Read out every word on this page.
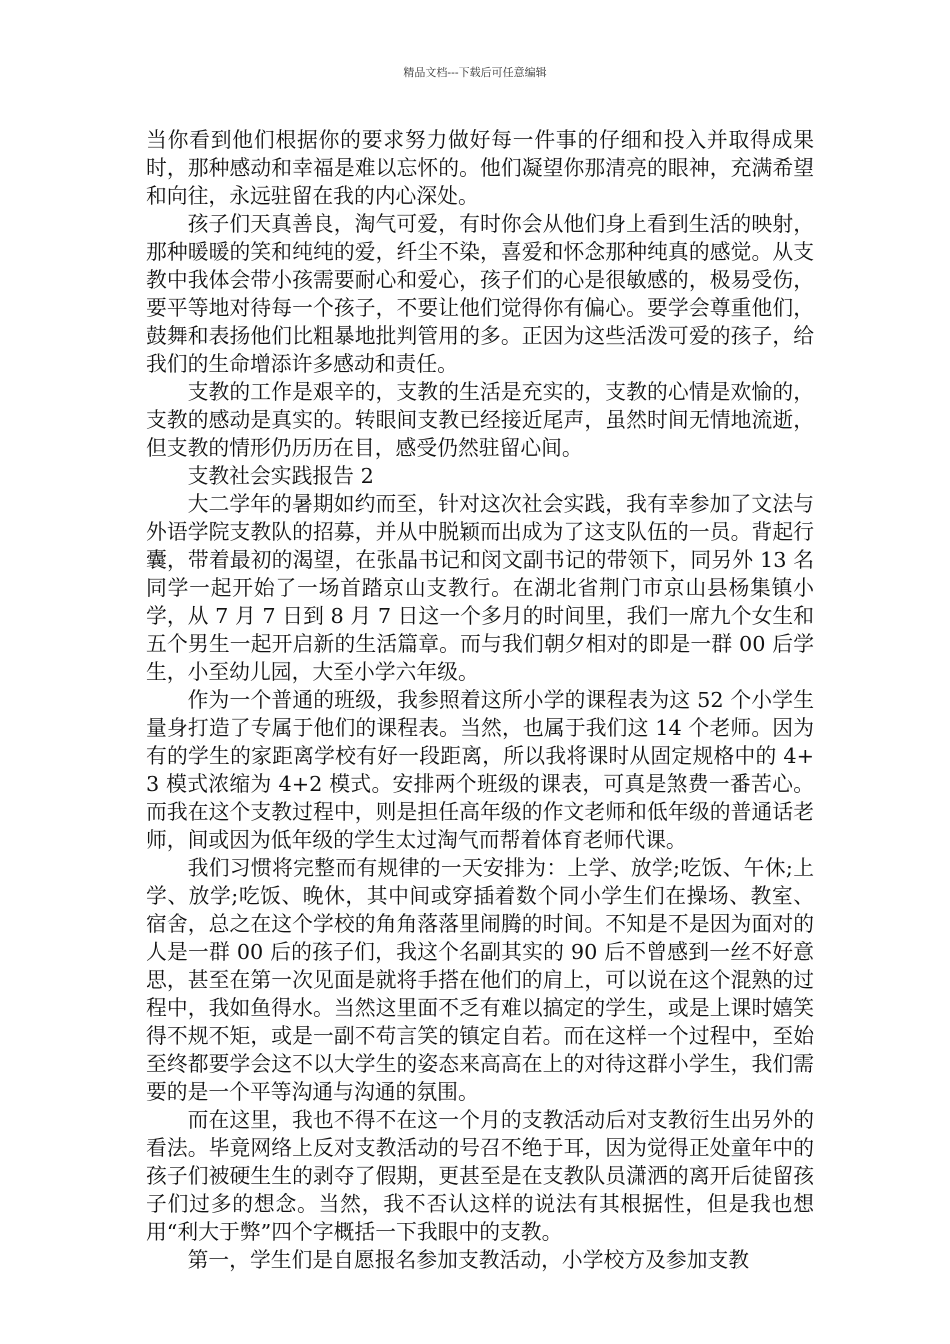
精品文档---下载后可任意编辑

当你看到他们根据你的要求努力做好每一件事的仔细和投入并取得成果时，那种感动和幸福是难以忘怀的。他们凝望你那清亮的眼神，充满希望和向往，永远驻留在我的内心深处。

孩子们天真善良，淘气可爱，有时你会从他们身上看到生活的映射，那种暖暖的笑和纯纯的爱，纤尘不染，喜爱和怀念那种纯真的感觉。从支教中我体会带小孩需要耐心和爱心，孩子们的心是很敏感的，极易受伤，要平等地对待每一个孩子，不要让他们觉得你有偏心。要学会尊重他们，鼓舞和表扬他们比粗暴地批判管用的多。正因为这些活泼可爱的孩子，给我们的生命增添许多感动和责任。

支教的工作是艰辛的，支教的生活是充实的，支教的心情是欢愉的，支教的感动是真实的。转眼间支教已经接近尾声，虽然时间无情地流逝，但支教的情形仍历历在目，感受仍然驻留心间。

支教社会实践报告 2

大二学年的暑期如约而至，针对这次社会实践，我有幸参加了文法与外语学院支教队的招募，并从中脱颖而出成为了这支队伍的一员。背起行囊，带着最初的渴望，在张晶书记和闵文副书记的带领下，同另外 13 名同学一起开始了一场首踏京山支教行。在湖北省荆门市京山县杨集镇小学，从 7 月 7 日到 8 月 7 日这一个多月的时间里，我们一席九个女生和五个男生一起开启新的生活篇章。而与我们朝夕相对的即是一群 00 后学生，小至幼儿园，大至小学六年级。

作为一个普通的班级，我参照着这所小学的课程表为这 52 个小学生量身打造了专属于他们的课程表。当然，也属于我们这 14 个老师。因为有的学生的家距离学校有好一段距离，所以我将课时从固定规格中的 4+3 模式浓缩为 4+2 模式。安排两个班级的课表，可真是煞费一番苦心。而我在这个支教过程中，则是担任高年级的作文老师和低年级的普通话老师，间或因为低年级的学生太过淘气而帮着体育老师代课。

我们习惯将完整而有规律的一天安排为：上学、放学;吃饭、午休;上学、放学;吃饭、晚休，其中间或穿插着数个同小学生们在操场、教室、宿舍，总之在这个学校的角角落落里闹腾的时间。不知是不是因为面对的人是一群 00 后的孩子们，我这个名副其实的 90 后不曾感到一丝不好意思，甚至在第一次见面是就将手搭在他们的肩上，可以说在这个混熟的过程中，我如鱼得水。当然这里面不乏有难以搞定的学生，或是上课时嬉笑得不规不矩，或是一副不苟言笑的镇定自若。而在这样一个过程中，至始至终都要学会这不以大学生的姿态来高高在上的对待这群小学生，我们需要的是一个平等沟通与沟通的氛围。

而在这里，我也不得不在这一个月的支教活动后对支教衍生出另外的看法。毕竟网络上反对支教活动的号召不绝于耳，因为觉得正处童年中的孩子们被硬生生的剥夺了假期，更甚至是在支教队员潇洒的离开后徒留孩子们过多的想念。当然，我不否认这样的说法有其根据性，但是我也想用“利大于弊”四个字概括一下我眼中的支教。

第一，学生们是自愿报名参加支教活动，小学校方及参加支教
